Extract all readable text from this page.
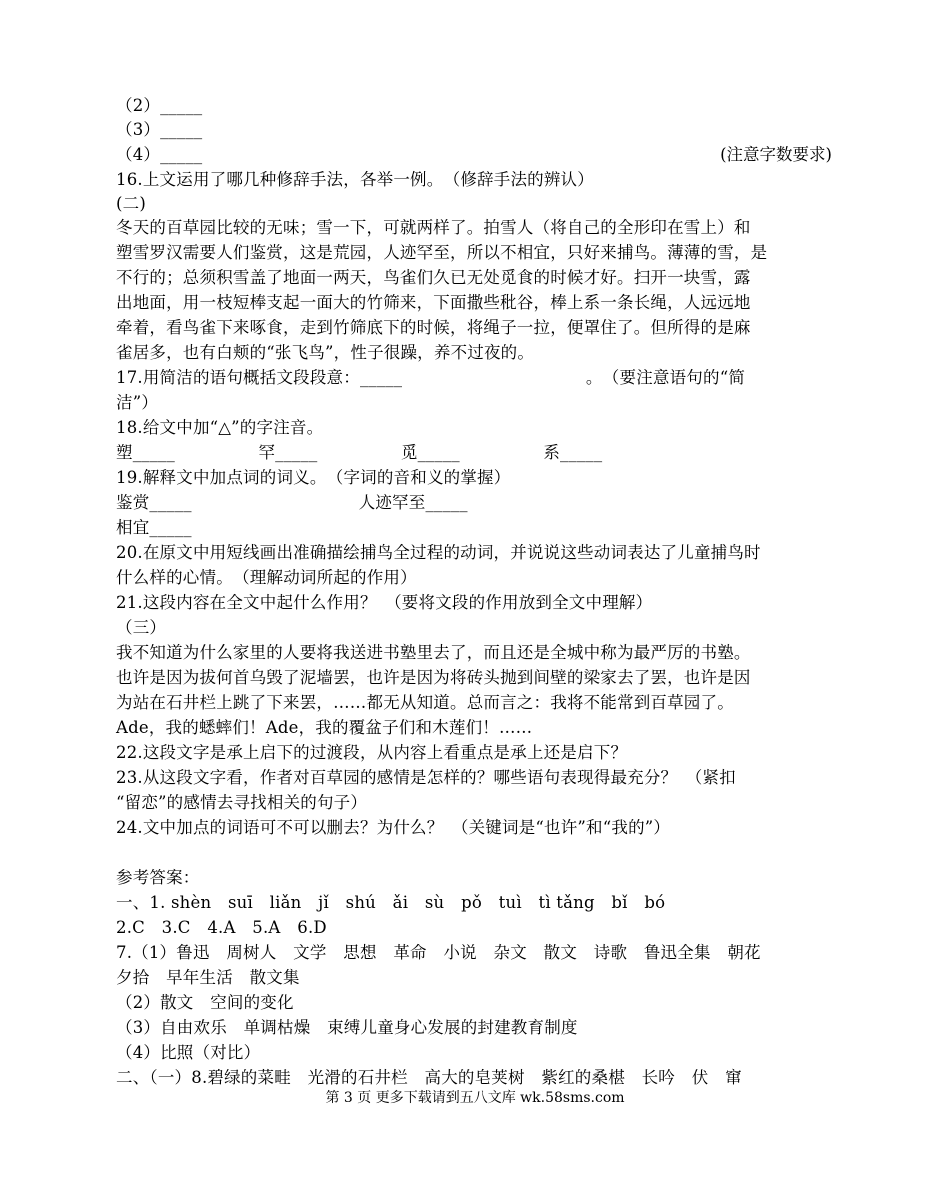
（2）_____
（3）_____
（4）_____	(注意字数要求)
16.上文运用了哪几种修辞手法，各举一例。　（修辞手法的辨认）
(二)
冬天的百草园比较的无味；雪一下，可就两样了。拍雪人（将自己的全形印在雪上）和
塑雪罗汉需要人们鉴赏，这是荒园，人迹罕至，所以不相宜，只好来捕鸟。薄薄的雪，是
不行的；总须积雪盖了地面一两天，鸟雀们久已无处觅食的时候才好。扫开一块雪，露
出地面，用一枝短棒支起一面大的竹筛来，下面撒些秕谷，棒上系一条长绳，人远远地
牵着，看鸟雀下来啄食，走到竹筛底下的时候，将绳子一拉，便罩住了。但所得的是麻
雀居多，也有白颊的“张飞鸟”，性子很躁，养不过夜的。
17.用简洁的语句概括文段段意：_____　　　　　　　　　　　。　（要注意语句的“简
洁”）
18.给文中加“△”的字注音。
塑_____　　　　　罕_____　　　　　觅_____　　　　　系_____
19.解释文中加点词的词义。　（字词的音和义的掌握）
鉴赏_____　　　　　　　　　　人迹罕至_____
相宜_____
20.在原文中用短线画出准确描绘捕鸟全过程的动词，并说说这些动词表达了儿童捕鸟时
什么样的心情。　（理解动词所起的作用）
21.这段内容在全文中起什么作用？　（要将文段的作用放到全文中理解）
（三）
我不知道为什么家里的人要将我送进书塾里去了，而且还是全城中称为最严厉的书塾。
也许是因为拔何首乌毁了泥墙罢，也许是因为将砖头抛到间壁的梁家去了罢，也许是因
为站在石井栏上跳了下来罢，……都无从知道。总而言之：我将不能常到百草园了。
Ade，我的蟋蟀们！Ade，我的覆盆子们和木莲们！……
22.这段文字是承上启下的过渡段，从内容上看重点是承上还是启下？
23.从这段文字看，作者对百草园的感情是怎样的？哪些语句表现得最充分？　（紧扣
“留恋”的感情去寻找相关的句子）
24.文中加点的词语可不可以删去？为什么？　（关键词是“也许”和“我的”）
参考答案：
一、1. shèn　suī　liǎn　jǐ　shú　ǎi　sù　pǒ　tuì　tì tǎng　bǐ　bó
2.C　3.C　4.A　5.A　6.D
7.（1）鲁迅　周树人　文学　思想　革命　小说　杂文　散文　诗歌　鲁迅全集　朝花
夕拾　早年生活　散文集
（2）散文　空间的变化
（3）自由欢乐　单调枯燥　束缚儿童身心发展的封建教育制度
（4）比照（对比）
二、（一）8.碧绿的菜畦　光滑的石井栏　高大的皂荚树　紫红的桑椹　长吟　伏　窜
第 3 页 更多下载请到五八文库 wk.58sms.com
